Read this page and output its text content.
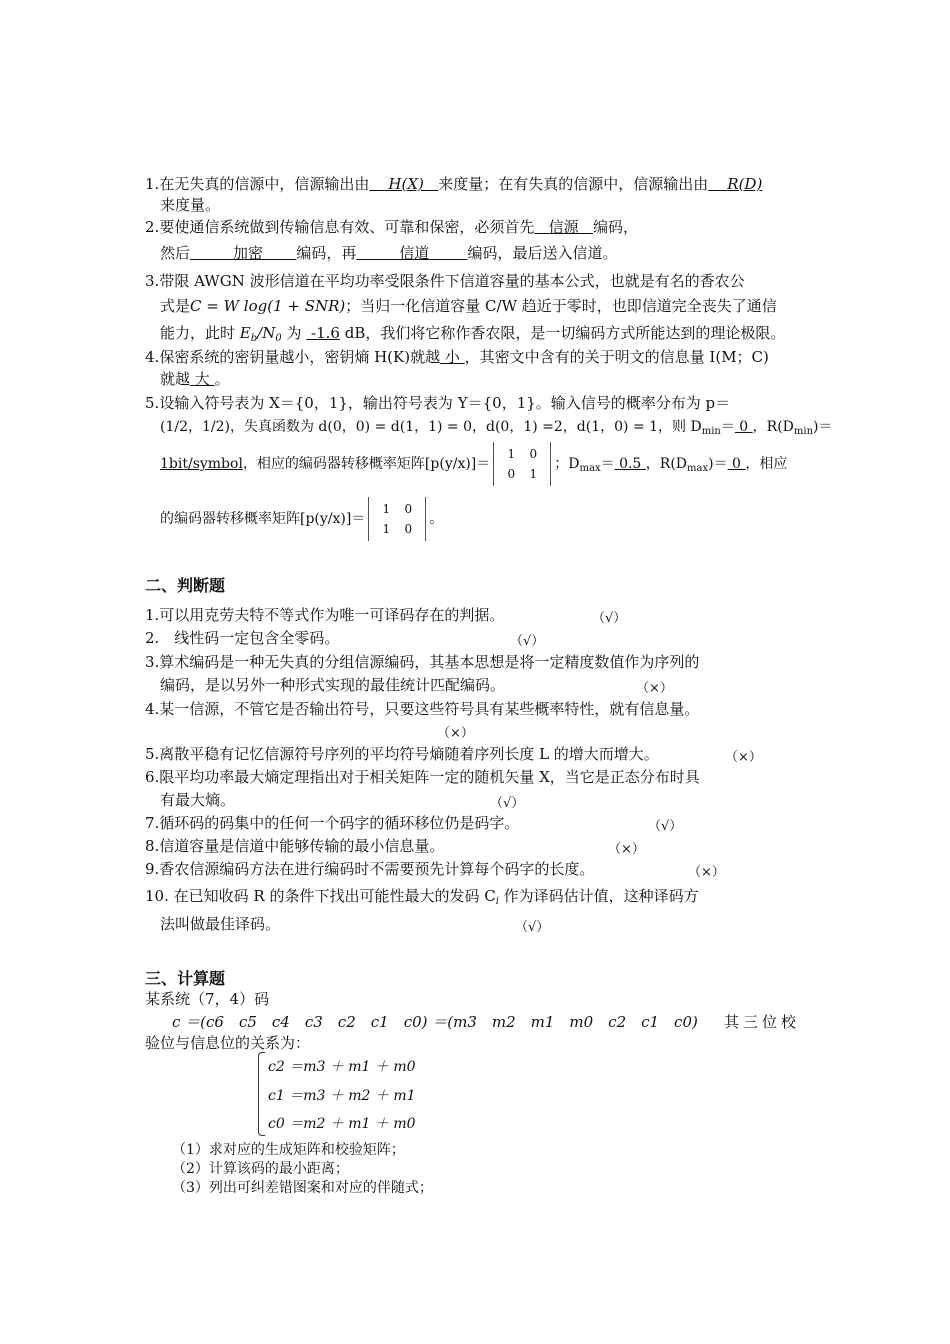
1.在无失真的信源中，信源输出由 H(X) 来度量；在有失真的信源中，信源输出由 R(D)
来度量。
2.要使通信系统做到传输信息有效、可靠和保密，必须首先 信源 编码，
然后	加密 编码，再	信道	编码，最后送入信道。
3.带限 AWGN 波形信道在平均功率受限条件下信道容量的基本公式，也就是有名的香农公
式是C = W log(1 + SNR)；当归一化信道容量 C/W 趋近于零时，也即信道完全丧失了通信
能力，此时 $E_b/N_0$ 为  -1.6 dB，我们将它称作香农限，是一切编码方式所能达到的理论极限。
4.保密系统的密钥量越小，密钥熵 H(K)就越 小 ，其密文中含有的关于明文的信息量 I(M；C)
就越 大 。
5.设输入符号表为 X＝{0，1}，输出符号表为 Y＝{0，1}。输入信号的概率分布为 p＝
(1/2，1/2)，失真函数为 d(0，0) = d(1，1) = 0，d(0，1) =2，d(1，0) = 1，则 $D_{min}= 0$ ，$R(D_{min})=$
1bit/symbol，相应的编码器转移概率矩阵[p(y/x)]＝1 0
0 1；$D_{max}= 0.5$ ，$R(D_{max})= 0$ ，相应
的编码器转移概率矩阵[p(y/x)]＝1 0
1 0。
二、判断题
1.可以用克劳夫特不等式作为唯一可译码存在的判据。	（√）
2.　线性码一定包含全零码。	（√）
3.算术编码是一种无失真的分组信源编码，其基本思想是将一定精度数值作为序列的
编码，是以另外一种形式实现的最佳统计匹配编码。	（×）
4.某一信源，不管它是否输出符号，只要这些符号具有某些概率特性，就有信息量。
（×）
5.离散平稳有记忆信源符号序列的平均符号熵随着序列长度 L 的增大而增大。	（×）
6.限平均功率最大熵定理指出对于相关矩阵一定的随机矢量 X，当它是正态分布时具
有最大熵。	（√）
7.循环码的码集中的任何一个码字的循环移位仍是码字。	（√）
8.信道容量是信道中能够传输的最小信息量。	（×）
9.香农信源编码方法在进行编码时不需要预先计算每个码字的长度。	（×）
10. 在已知收码 R 的条件下找出可能性最大的发码 $C_i$ 作为译码估计值，这种译码方
法叫做最佳译码。	（√）
三、计算题
某系统（7，4）码
c ＝(c6　c5　c4　c3　c2　c1　c0) ＝(m3　m2　m1　m0　c2　c1　c0) 其三位校
验位与信息位的关系为：
c2 ＝m3 ＋ m1 ＋ m0
c1 ＝m3 ＋ m2 ＋ m1
c0 ＝m2 ＋ m1 ＋ m0
（1）求对应的生成矩阵和校验矩阵；
（2）计算该码的最小距离；
（3）列出可纠差错图案和对应的伴随式；
